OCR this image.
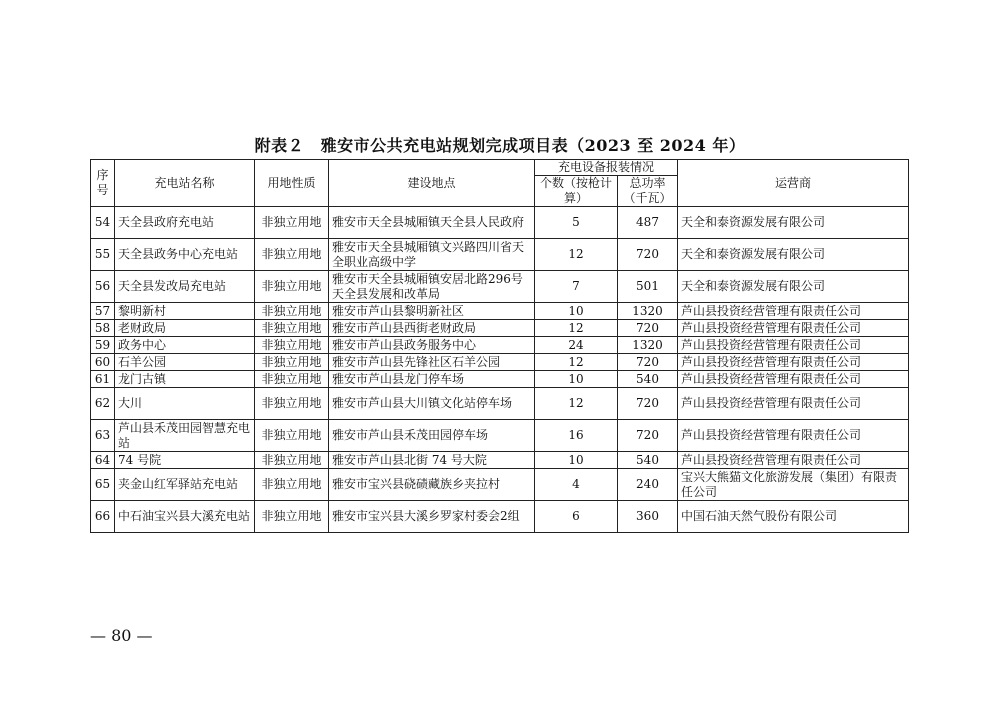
附表２　雅安市公共充电站规划完成项目表（2023 至 2024 年）
序号	充电站名称	用地性质	建设地点	充电设备报装情况		运营商
				个数（按枪计算）	总功率（千瓦）	
54	天全县政府充电站	非独立用地	雅安市天全县城厢镇天全县人民政府	5	487	天全和泰资源发展有限公司
55	天全县政务中心充电站	非独立用地	雅安市天全县城厢镇文兴路四川省天全职业高级中学	12	720	天全和泰资源发展有限公司
56	天全县发改局充电站	非独立用地	雅安市天全县城厢镇安居北路296号天全县发展和改革局	7	501	天全和泰资源发展有限公司
57	黎明新村	非独立用地	雅安市芦山县黎明新社区	10	1320	芦山县投资经营管理有限责任公司
58	老财政局	非独立用地	雅安市芦山县西街老财政局	12	720	芦山县投资经营管理有限责任公司
59	政务中心	非独立用地	雅安市芦山县政务服务中心	24	1320	芦山县投资经营管理有限责任公司
60	石羊公园	非独立用地	雅安市芦山县先锋社区石羊公园	12	720	芦山县投资经营管理有限责任公司
61	龙门古镇	非独立用地	雅安市芦山县龙门停车场	10	540	芦山县投资经营管理有限责任公司
62	大川	非独立用地	雅安市芦山县大川镇文化站停车场	12	720	芦山县投资经营管理有限责任公司
63	芦山县禾茂田园智慧充电站	非独立用地	雅安市芦山县禾茂田园停车场	16	720	芦山县投资经营管理有限责任公司
64	74 号院	非独立用地	雅安市芦山县北街 74 号大院	10	540	芦山县投资经营管理有限责任公司
65	夹金山红军驿站充电站	非独立用地	雅安市宝兴县硗碛藏族乡夹拉村	4	240	宝兴大熊猫文化旅游发展（集团）有限责任公司
66	中石油宝兴县大溪充电站	非独立用地	雅安市宝兴县大溪乡罗家村委会2组	6	360	中国石油天然气股份有限公司
— 80 —
